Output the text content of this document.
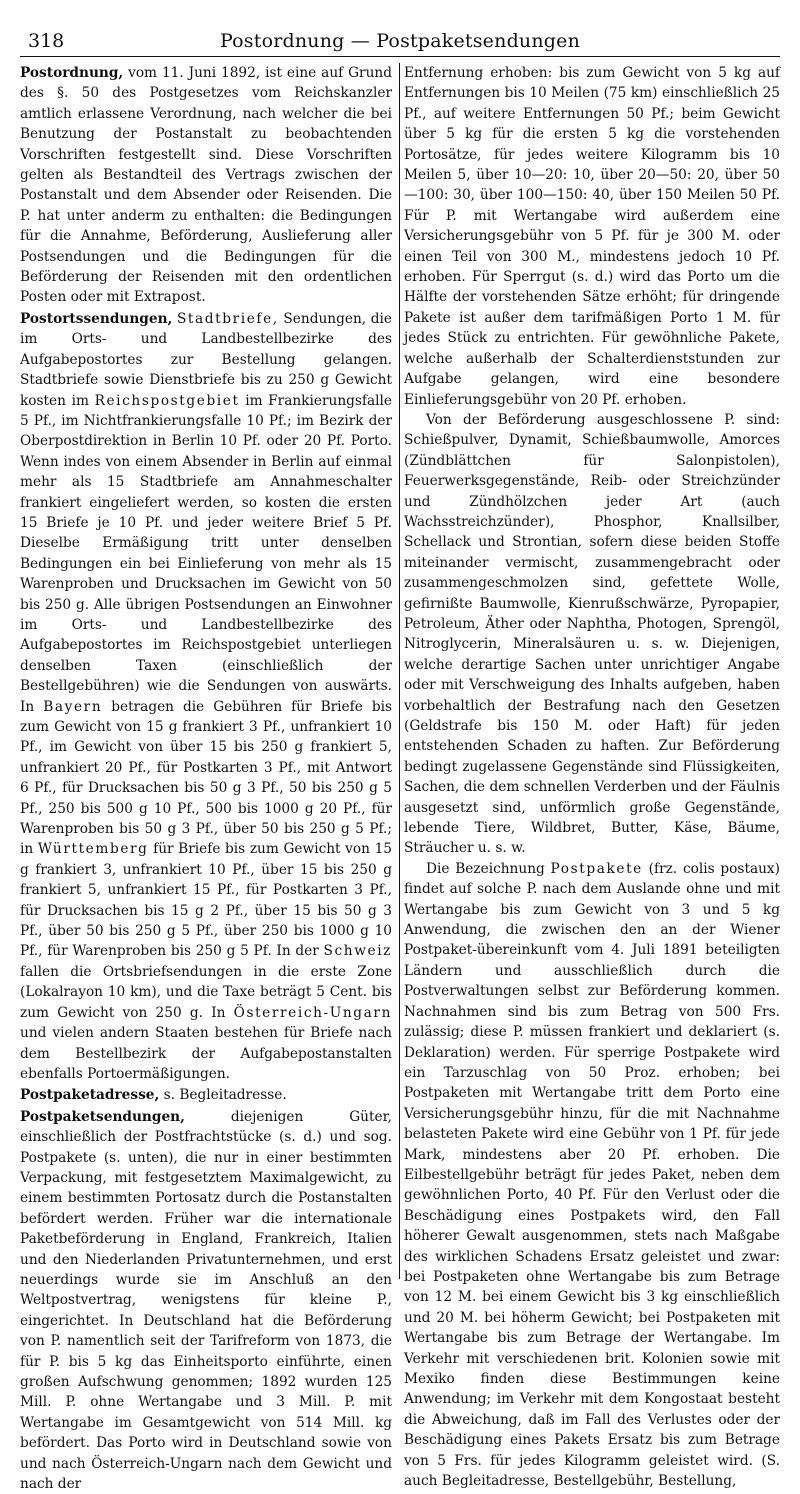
318	Postordnung — Postpaketsendungen

Postordnung, vom 11. Juni 1892, ist eine auf Grund des §. 50 des Postgesetzes vom Reichskanzler amtlich erlassene Verordnung, nach welcher die bei Benutzung der Postanstalt zu beobachtenden Vorschriften festgestellt sind. Diese Vorschriften gelten als Bestandteil des Vertrags zwischen der Postanstalt und dem Absender oder Reisenden. Die P. hat unter anderm zu enthalten: die Bedingungen für die Annahme, Beförderung, Auslieferung aller Postsendungen und die Bedingungen für die Beförderung der Reisenden mit den ordentlichen Posten oder mit Extrapost.

Postortssendungen, Stadtbriefe, Sendungen, die im Orts- und Landbestellbezirke des Aufgabepostortes zur Bestellung gelangen. Stadtbriefe sowie Dienstbriefe bis zu 250 g Gewicht kosten im Reichspostgebiet im Frankierungsfalle 5 Pf., im Nichtfrankierungsfalle 10 Pf.; im Bezirk der Oberpostdirektion in Berlin 10 Pf. oder 20 Pf. Porto. Wenn indes von einem Absender in Berlin auf einmal mehr als 15 Stadtbriefe am Annahmeschalter frankiert eingeliefert werden, so kosten die ersten 15 Briefe je 10 Pf. und jeder weitere Brief 5 Pf. Dieselbe Ermäßigung tritt unter denselben Bedingungen ein bei Einlieferung von mehr als 15 Warenproben und Drucksachen im Gewicht von 50 bis 250 g. Alle übrigen Postsendungen an Einwohner im Orts- und Landbestellbezirke des Aufgabepostortes im Reichspostgebiet unterliegen denselben Taxen (einschließlich der Bestellgebühren) wie die Sendungen von auswärts. In Bayern betragen die Gebühren für Briefe bis zum Gewicht von 15 g frankiert 3 Pf., unfrankiert 10 Pf., im Gewicht von über 15 bis 250 g frankiert 5, unfrankiert 20 Pf., für Postkarten 3 Pf., mit Antwort 6 Pf., für Drucksachen bis 50 g 3 Pf., 50 bis 250 g 5 Pf., 250 bis 500 g 10 Pf., 500 bis 1000 g 20 Pf., für Warenproben bis 50 g 3 Pf., über 50 bis 250 g 5 Pf.; in Württemberg für Briefe bis zum Gewicht von 15 g frankiert 3, unfrankiert 10 Pf., über 15 bis 250 g frankiert 5, unfrankiert 15 Pf., für Postkarten 3 Pf., für Drucksachen bis 15 g 2 Pf., über 15 bis 50 g 3 Pf., über 50 bis 250 g 5 Pf., über 250 bis 1000 g 10 Pf., für Warenproben bis 250 g 5 Pf. In der Schweiz fallen die Ortsbriefsendungen in die erste Zone (Lokalrayon 10 km), und die Taxe beträgt 5 Cent. bis zum Gewicht von 250 g. In Österreich-Ungarn und vielen andern Staaten bestehen für Briefe nach dem Bestellbezirk der Aufgabepostanstalten ebenfalls Portoermäßigungen.

Postpaketadresse, s. Begleitadresse.

Postpaketsendungen, diejenigen Güter, einschließlich der Postfrachtstücke (s. d.) und sog. Postpakete (s. unten), die nur in einer bestimmten Verpackung, mit festgesetztem Maximalgewicht, zu einem bestimmten Portosatz durch die Postanstalten befördert werden. Früher war die internationale Paketbeförderung in England, Frankreich, Italien und den Niederlanden Privatunternehmen, und erst neuerdings wurde sie im Anschluß an den Weltpostvertrag, wenigstens für kleine P., eingerichtet. In Deutschland hat die Beförderung von P. namentlich seit der Tarifreform von 1873, die für P. bis 5 kg das Einheitsporto einführte, einen großen Aufschwung genommen; 1892 wurden 125 Mill. P. ohne Wertangabe und 3 Mill. P. mit Wertangabe im Gesamtgewicht von 514 Mill. kg befördert. Das Porto wird in Deutschland sowie von und nach Österreich-Ungarn nach dem Gewicht und nach der

Entfernung erhoben: bis zum Gewicht von 5 kg auf Entfernungen bis 10 Meilen (75 km) einschließlich 25 Pf., auf weitere Entfernungen 50 Pf.; beim Gewicht über 5 kg für die ersten 5 kg die vorstehenden Portosätze, für jedes weitere Kilogramm bis 10 Meilen 5, über 10—20: 10, über 20—50: 20, über 50—100: 30, über 100—150: 40, über 150 Meilen 50 Pf. Für P. mit Wertangabe wird außerdem eine Versicherungsgebühr von 5 Pf. für je 300 M. oder einen Teil von 300 M., mindestens jedoch 10 Pf. erhoben. Für Sperrgut (s. d.) wird das Porto um die Hälfte der vorstehenden Sätze erhöht; für dringende Pakete ist außer dem tarifmäßigen Porto 1 M. für jedes Stück zu entrichten. Für gewöhnliche Pakete, welche außerhalb der Schalterdienststunden zur Aufgabe gelangen, wird eine besondere Einlieferungsgebühr von 20 Pf. erhoben.

Von der Beförderung ausgeschlossene P. sind: Schießpulver, Dynamit, Schießbaumwolle, Amorces (Zündblättchen für Salonpistolen), Feuerwerksgegenstände, Reib- oder Streichzünder und Zündhölzchen jeder Art (auch Wachsstreichzünder), Phosphor, Knallsilber, Schellack und Strontian, sofern diese beiden Stoffe miteinander vermischt, zusammengebracht oder zusammengeschmolzen sind, gefettete Wolle, gefirnißte Baumwolle, Kienrußschwärze, Pyropapier, Petroleum, Äther oder Naphtha, Photogen, Sprengöl, Nitroglycerin, Mineralsäuren u. s. w. Diejenigen, welche derartige Sachen unter unrichtiger Angabe oder mit Verschweigung des Inhalts aufgeben, haben vorbehaltlich der Bestrafung nach den Gesetzen (Geldstrafe bis 150 M. oder Haft) für jeden entstehenden Schaden zu haften. Zur Beförderung bedingt zugelassene Gegenstände sind Flüssigkeiten, Sachen, die dem schnellen Verderben und der Fäulnis ausgesetzt sind, unförmlich große Gegenstände, lebende Tiere, Wildbret, Butter, Käse, Bäume, Sträucher u. s. w.

Die Bezeichnung Postpakete (frz. colis postaux) findet auf solche P. nach dem Auslande ohne und mit Wertangabe bis zum Gewicht von 3 und 5 kg Anwendung, die zwischen den an der Wiener Postpaket-übereinkunft vom 4. Juli 1891 beteiligten Ländern und ausschließlich durch die Postverwaltungen selbst zur Beförderung kommen. Nachnahmen sind bis zum Betrag von 500 Frs. zulässig; diese P. müssen frankiert und deklariert (s. Deklaration) werden. Für sperrige Postpakete wird ein Tarzuschlag von 50 Proz. erhoben; bei Postpaketen mit Wertangabe tritt dem Porto eine Versicherungsgebühr hinzu, für die mit Nachnahme belasteten Pakete wird eine Gebühr von 1 Pf. für jede Mark, mindestens aber 20 Pf. erhoben. Die Eilbestellgebühr beträgt für jedes Paket, neben dem gewöhnlichen Porto, 40 Pf. Für den Verlust oder die Beschädigung eines Postpakets wird, den Fall höherer Gewalt ausgenommen, stets nach Maßgabe des wirklichen Schadens Ersatz geleistet und zwar: bei Postpaketen ohne Wertangabe bis zum Betrage von 12 M. bei einem Gewicht bis 3 kg einschließlich und 20 M. bei höherm Gewicht; bei Postpaketen mit Wertangabe bis zum Betrage der Wertangabe. Im Verkehr mit verschiedenen brit. Kolonien sowie mit Mexiko finden diese Bestimmungen keine Anwendung; im Verkehr mit dem Kongostaat besteht die Abweichung, daß im Fall des Verlustes oder der Beschädigung eines Pakets Ersatz bis zum Betrage von 5 Frs. für jedes Kilogramm geleistet wird. (S. auch Begleitadresse, Bestellgebühr, Bestellung,
